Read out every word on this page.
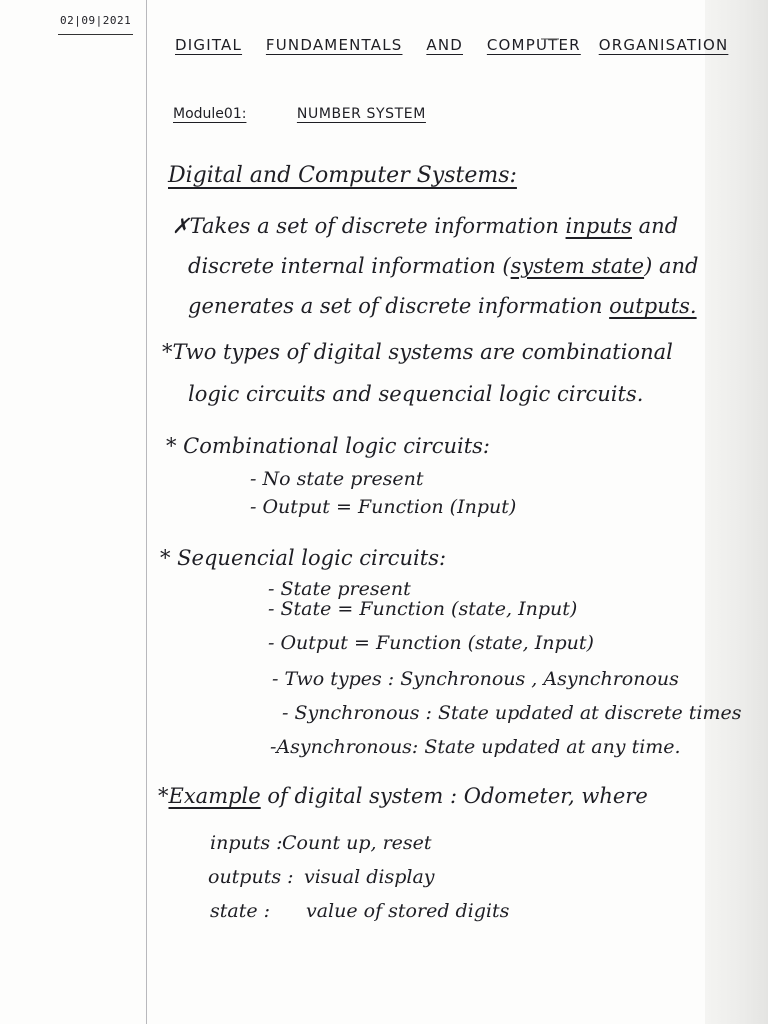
02|09|2021
DIGITAL FUNDAMENTALS AND COMPUTER ORGANISATION
Module01:	NUMBER SYSTEM
Digital and Computer Systems:
✗Takes a set of discrete information inputs and
discrete internal information (system state) and
generates a set of discrete information outputs.
*Two types of digital systems are combinational
logic circuits and sequencial logic circuits.
* Combinational logic circuits:
- No state present
- Output = Function (Input)
* Sequencial logic circuits:
- State present
- State = Function (state, Input)
- Output = Function (state, Input)
- Two types : Synchronous , Asynchronous
- Synchronous : State updated at discrete times
-Asynchronous: State updated at any time.
*Example of digital system : Odometer, where
inputs :Count up, reset
outputs : visual display
state : value of stored digits
